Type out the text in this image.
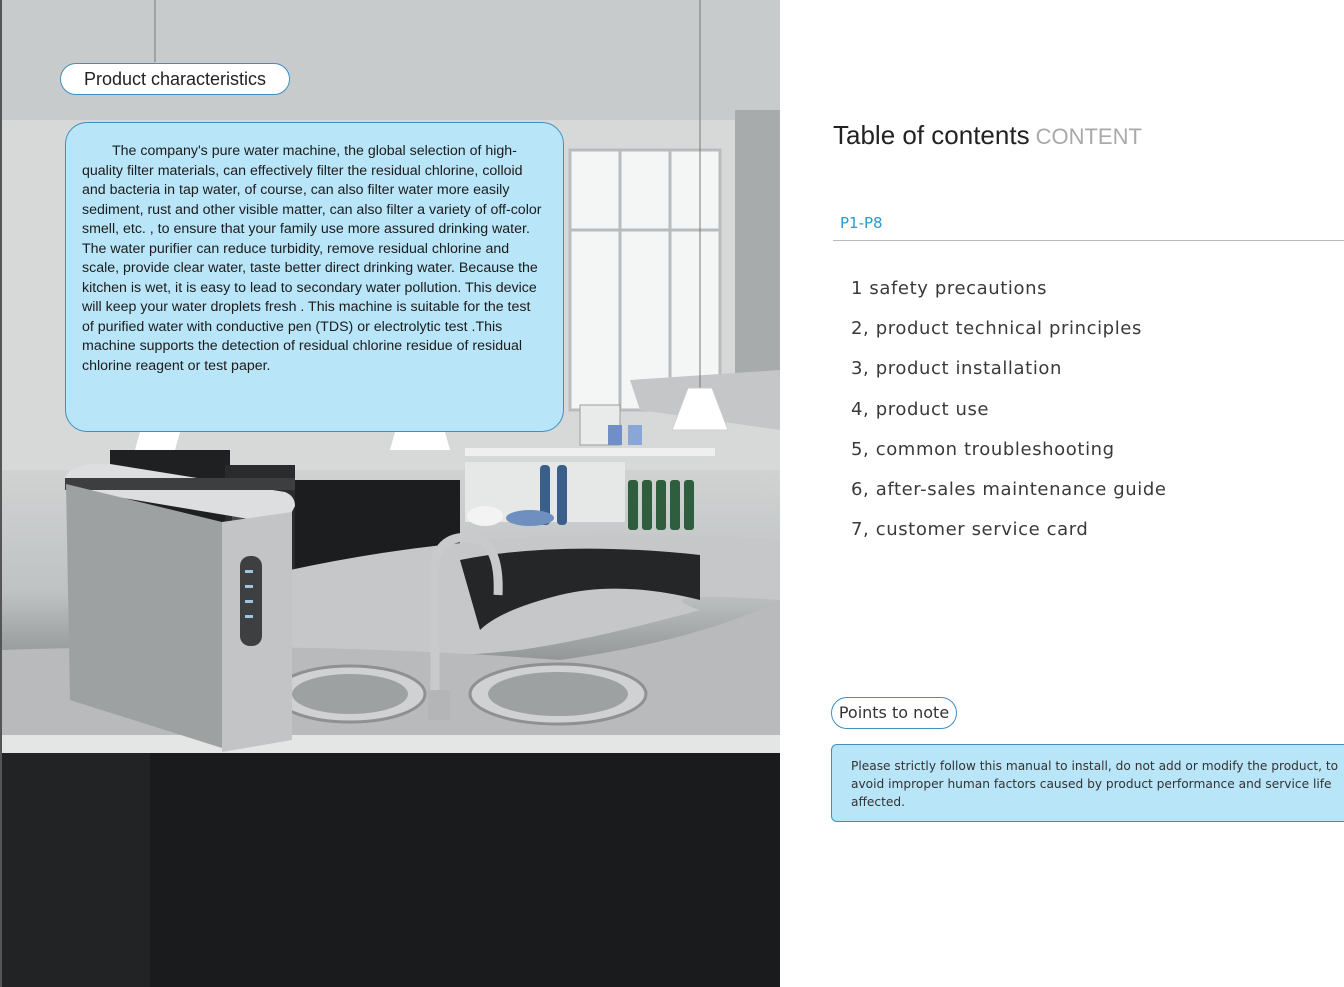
Product characteristics
The company's pure water machine, the global selection of high-quality filter materials, can effectively filter the residual chlorine, colloid and bacteria in tap water, of course, can also filter water more easily sediment, rust and other visible matter, can also filter a variety of off-color smell, etc. , to ensure that your family use more assured drinking water. The water purifier can reduce turbidity, remove residual chlorine and scale, provide clear water, taste better direct drinking water. Because the kitchen is wet, it is easy to lead to secondary water pollution. This device will keep your water droplets fresh . This machine is suitable for the test of purified water with conductive pen (TDS) or electrolytic test .This machine supports the detection of residual chlorine residue of residual chlorine reagent or test paper.
Table of contents CONTENT
P1-P8
1 safety precautions
2, product technical principles
3, product installation
4, product use
5, common troubleshooting
6, after-sales maintenance guide
7, customer service card
Points to note
Please strictly follow this manual to install, do not add or modify the product, to avoid improper human factors caused by product performance and service life affected.
